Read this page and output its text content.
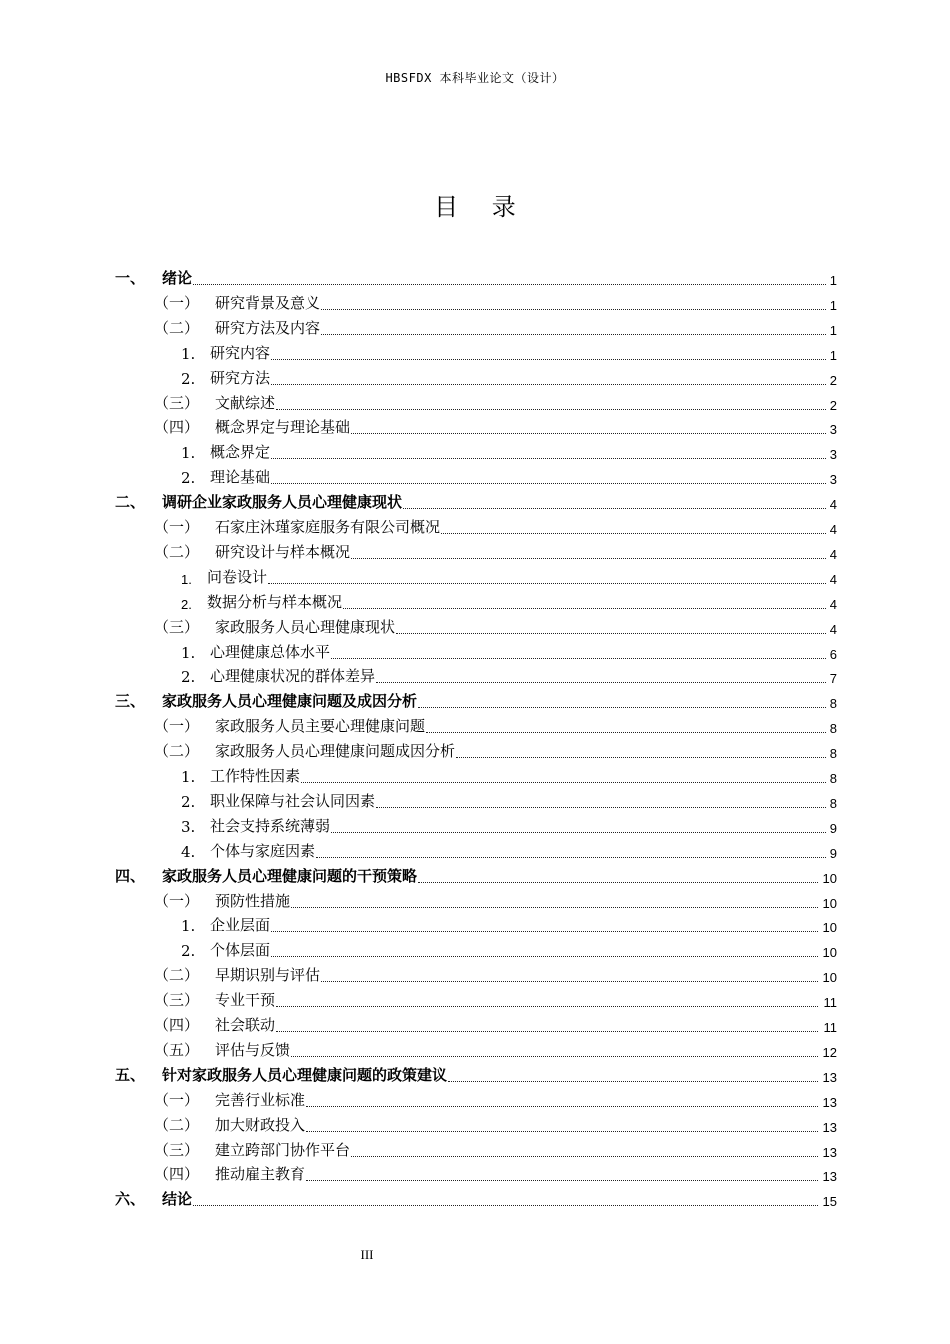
HBSFDX 本科毕业论文（设计）
目 录
一、 绪论	1
（一） 研究背景及意义	1
（二） 研究方法及内容	1
1. 研究内容	1
2. 研究方法	2
（三） 文献综述	2
（四） 概念界定与理论基础	3
1. 概念界定	3
2. 理论基础	3
二、 调研企业家政服务人员心理健康现状	4
（一） 石家庄沐瑾家庭服务有限公司概况	4
（二） 研究设计与样本概况	4
1. 问卷设计	4
2. 数据分析与样本概况	4
（三） 家政服务人员心理健康现状	4
1. 心理健康总体水平	6
2. 心理健康状况的群体差异	7
三、 家政服务人员心理健康问题及成因分析	8
（一） 家政服务人员主要心理健康问题	8
（二） 家政服务人员心理健康问题成因分析	8
1. 工作特性因素	8
2. 职业保障与社会认同因素	8
3. 社会支持系统薄弱	9
4. 个体与家庭因素	9
四、 家政服务人员心理健康问题的干预策略	10
（一） 预防性措施	10
1. 企业层面	10
2. 个体层面	10
（二） 早期识别与评估	10
（三） 专业干预	11
（四） 社会联动	11
（五） 评估与反馈	12
五、 针对家政服务人员心理健康问题的政策建议	13
（一） 完善行业标准	13
（二） 加大财政投入	13
（三） 建立跨部门协作平台	13
（四） 推动雇主教育	13
六、 结论	15
III
